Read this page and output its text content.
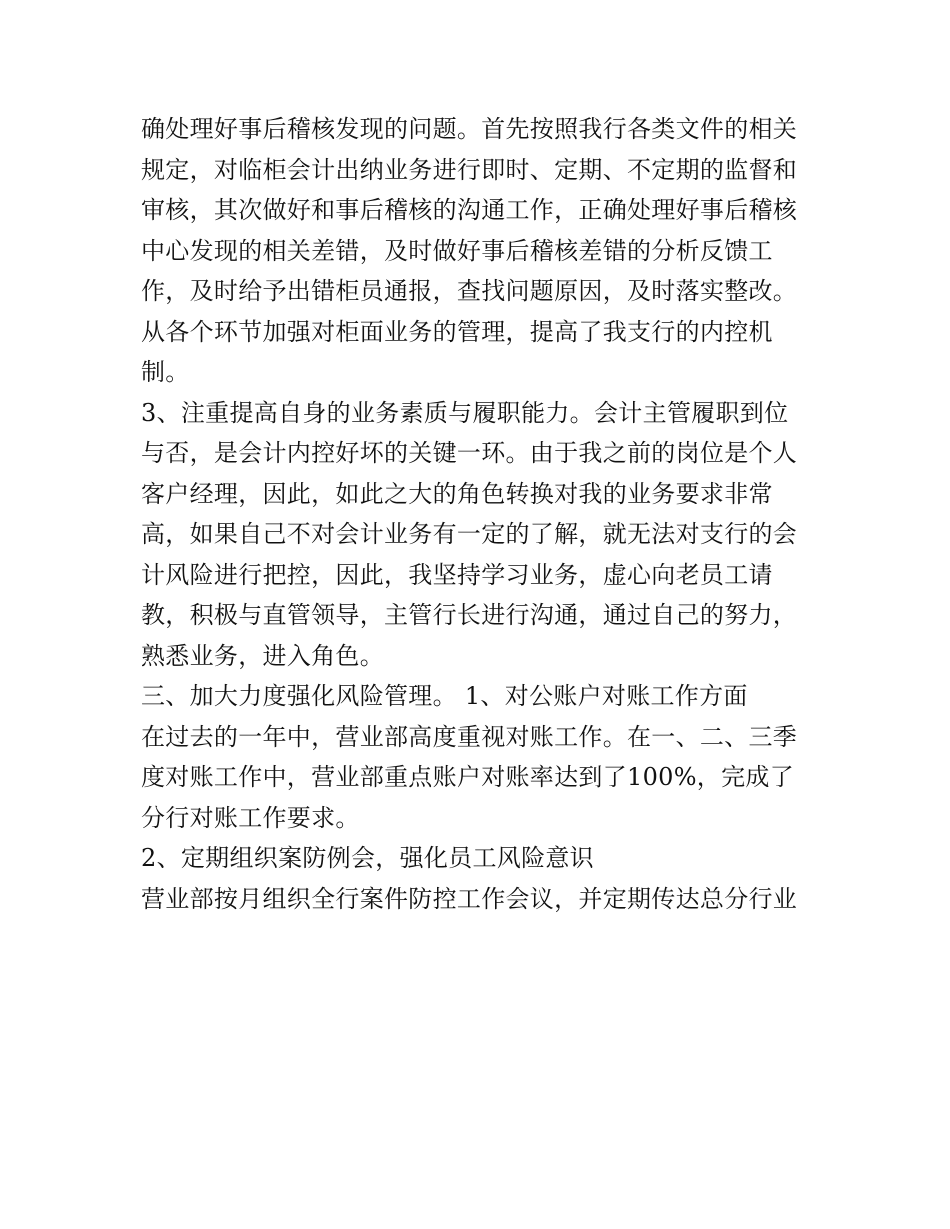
确处理好事后稽核发现的问题。首先按照我行各类文件的相关
规定，对临柜会计出纳业务进行即时、定期、不定期的监督和
审核，其次做好和事后稽核的沟通工作，正确处理好事后稽核
中心发现的相关差错，及时做好事后稽核差错的分析反馈工
作，及时给予出错柜员通报，查找问题原因，及时落实整改。
从各个环节加强对柜面业务的管理，提高了我支行的内控机
制。
3、注重提高自身的业务素质与履职能力。会计主管履职到位
与否，是会计内控好坏的关键一环。由于我之前的岗位是个人
客户经理，因此，如此之大的角色转换对我的业务要求非常
高，如果自己不对会计业务有一定的了解，就无法对支行的会
计风险进行把控，因此，我坚持学习业务，虚心向老员工请
教，积极与直管领导，主管行长进行沟通，通过自己的努力，
熟悉业务，进入角色。
三、加大力度强化风险管理。 1、对公账户对账工作方面
在过去的一年中，营业部高度重视对账工作。在一、二、三季
度对账工作中，营业部重点账户对账率达到了100%，完成了
分行对账工作要求。
2、定期组织案防例会，强化员工风险意识
营业部按月组织全行案件防控工作会议，并定期传达总分行业
